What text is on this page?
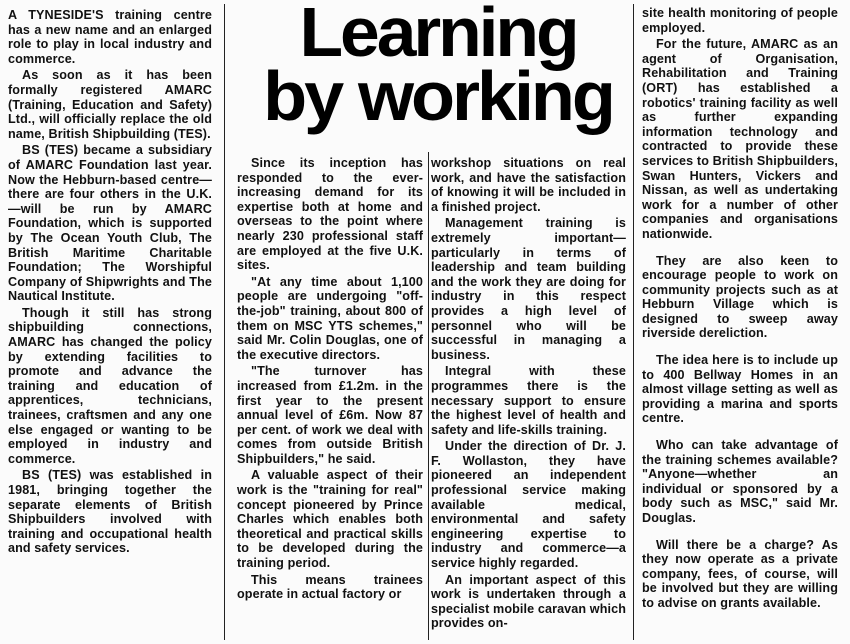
Learning
by working

A TYNESIDE'S training centre has a new name and an enlarged role to play in local industry and commerce.

As soon as it has been formally registered AMARC (Training, Education and Safety) Ltd., will officially replace the old name, British Shipbuilding (TES).

BS (TES) became a subsidiary of AMARC Foundation last year. Now the Hebburn-based centre—there are four others in the U.K.—will be run by AMARC Foundation, which is supported by The Ocean Youth Club, The British Maritime Charitable Foundation; The Worshipful Company of Shipwrights and The Nautical Institute.

Though it still has strong shipbuilding connections, AMARC has changed the policy by extending facilities to promote and advance the training and education of apprentices, technicians, trainees, craftsmen and any one else engaged or wanting to be employed in industry and commerce.

BS (TES) was established in 1981, bringing together the separate elements of British Shipbuilders involved with training and occupational health and safety services.

Since its inception has responded to the ever-increasing demand for its expertise both at home and overseas to the point where nearly 230 professional staff are employed at the five U.K. sites.

"At any time about 1,100 people are undergoing "off-the-job" training, about 800 of them on MSC YTS schemes," said Mr. Colin Douglas, one of the executive directors.

"The turnover has increased from £1.2m. in the first year to the present annual level of £6m. Now 87 per cent. of work we deal with comes from outside British Shipbuilders," he said.

A valuable aspect of their work is the "training for real" concept pioneered by Prince Charles which enables both theoretical and practical skills to be developed during the training period.

This means trainees operate in actual factory or

workshop situations on real work, and have the satisfaction of knowing it will be included in a finished project.

Management training is extremely important—particularly in terms of leadership and team building and the work they are doing for industry in this respect provides a high level of personnel who will be successful in managing a business.

Integral with these programmes there is the necessary support to ensure the highest level of health and safety and life-skills training.

Under the direction of Dr. J. F. Wollaston, they have pioneered an independent professional service making available medical, environmental and safety engineering expertise to industry and commerce—a service highly regarded.

An important aspect of this work is undertaken through a specialist mobile caravan which provides on-

site health monitoring of people employed.

For the future, AMARC as an agent of Organisation, Rehabilitation and Training (ORT) has established a robotics' training facility as well as further expanding information technology and contracted to provide these services to British Shipbuilders, Swan Hunters, Vickers and Nissan, as well as undertaking work for a number of other companies and organisations nationwide.

They are also keen to encourage people to work on community projects such as at Hebburn Village which is designed to sweep away riverside dereliction.

The idea here is to include up to 400 Bellway Homes in an almost village setting as well as providing a marina and sports centre.

Who can take advantage of the training schemes available? "Anyone—whether an individual or sponsored by a body such as MSC," said Mr. Douglas.

Will there be a charge? As they now operate as a private company, fees, of course, will be involved but they are willing to advise on grants available.
